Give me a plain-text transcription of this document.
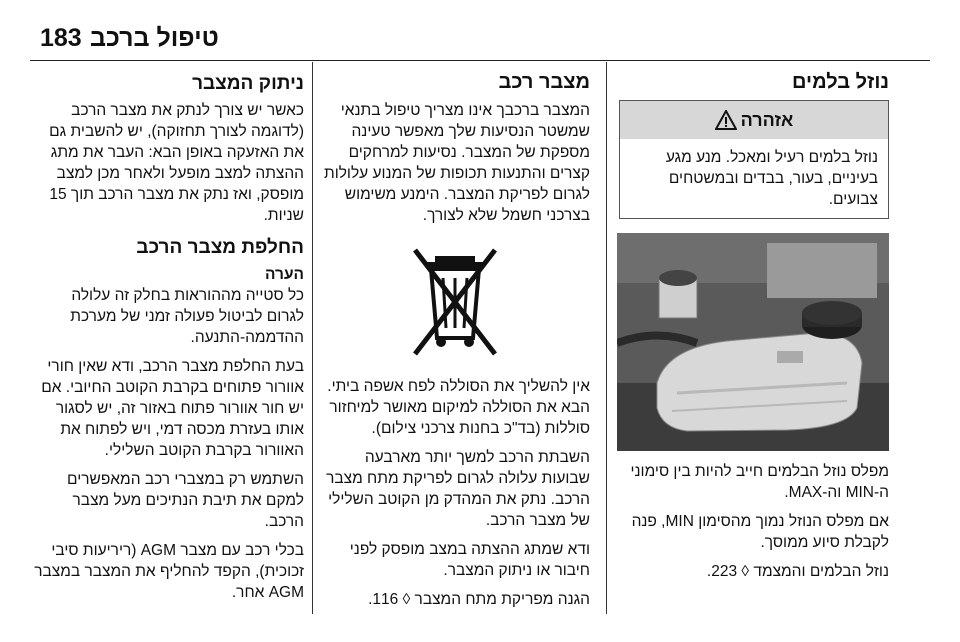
183 טיפול ברכב
נוזל בלמים
אזהרה
נוזל בלמים רעיל ומאכל. מנע מגע בעיניים, בעור, בבדים ובמשטחים צבועים.

מפלס נוזל הבלמים חייב להיות בין סימוני ה-MIN וה-MAX.

אם מפלס הנוזל נמוך מהסימון MIN, פנה לקבלת סיוע ממוסך.

נוזל הבלמים והמצמד ◊ 223.

מצבר רכב

המצבר ברכבך אינו מצריך טיפול בתנאי שמשטר הנסיעות שלך מאפשר טעינה מספקת של המצבר. נסיעות למרחקים קצרים והתנעות תכופות של המנוע עלולות לגרום לפריקת המצבר. הימנע משימוש בצרכני חשמל שלא לצורך.

אין להשליך את הסוללה לפח אשפה ביתי. הבא את הסוללה למיקום מאושר למיחזור סוללות (בד"כ בחנות צרכני צילום).

השבתת הרכב למשך יותר מארבעה שבועות עלולה לגרום לפריקת מתח מצבר הרכב. נתק את המהדק מן הקוטב השלילי של מצבר הרכב.

ודא שמתג ההצתה במצב מופסק לפני חיבור או ניתוק המצבר.

הגנה מפריקת מתח המצבר ◊ 116.

ניתוק המצבר

כאשר יש צורך לנתק את מצבר הרכב (לדוגמה לצורך תחזוקה), יש להשבית גם את האזעקה באופן הבא: העבר את מתג ההצתה למצב מופעל ולאחר מכן למצב מופסק, ואז נתק את מצבר הרכב תוך 15 שניות.

החלפת מצבר הרכב
הערה

כל סטייה מההוראות בחלק זה עלולה לגרום לביטול פעולה זמני של מערכת ההדממה-התנעה.

בעת החלפת מצבר הרכב, ודא שאין חורי אוורור פתוחים בקרבת הקוטב החיובי. אם יש חור אוורור פתוח באזור זה, יש לסגור אותו בעזרת מכסה דמי, ויש לפתוח את האוורור בקרבת הקוטב השלילי.

השתמש רק במצברי רכב המאפשרים למקם את תיבת הנתיכים מעל מצבר הרכב.

בכלי רכב עם מצבר AGM (ריריעות סיבי זכוכית), הקפד להחליף את המצבר במצבר AGM אחר.
